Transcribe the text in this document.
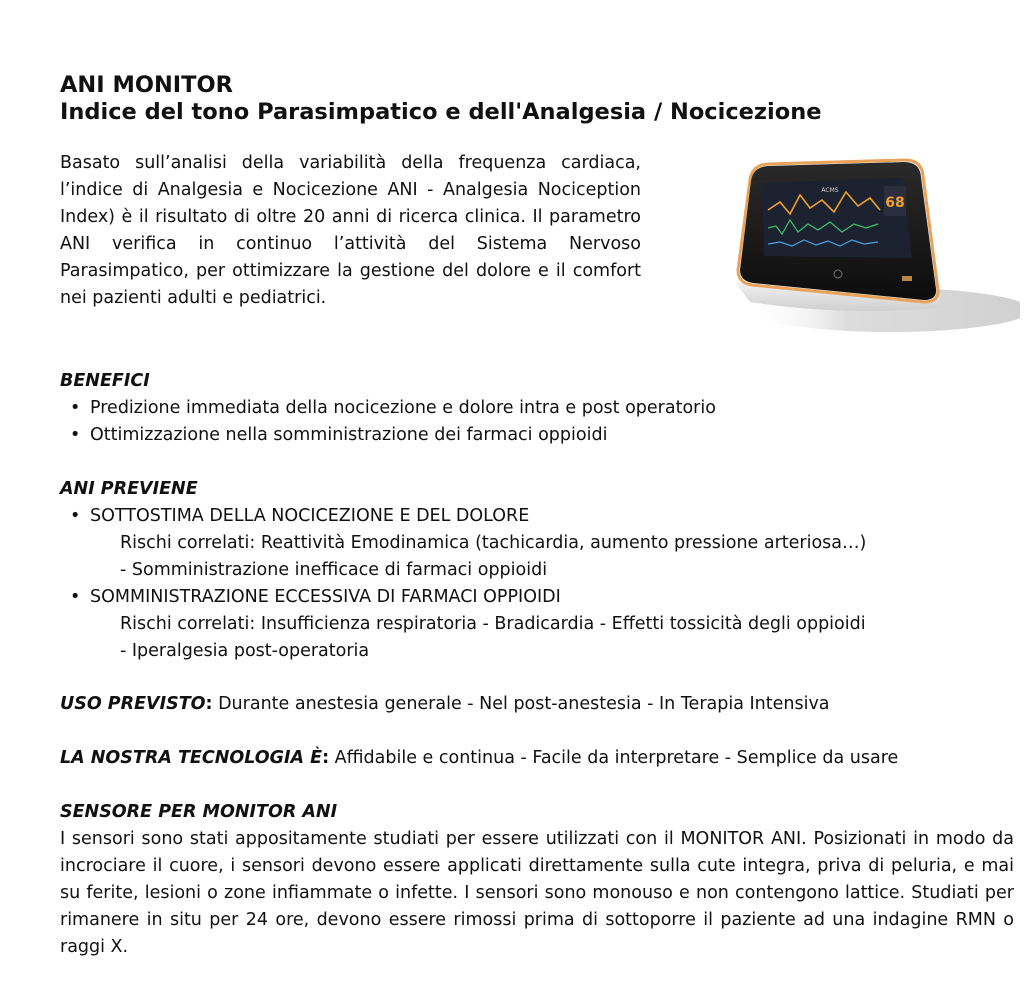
ANI MONITOR
Indice del tono Parasimpatico e dell'Analgesia / Nocicezione

Basato sull’analisi della variabilità della frequenza cardiaca, l’indice di Analgesia e Nocicezione ANI - Analgesia Nociception Index) è il risultato di oltre 20 anni di ricerca clinica. Il parametro ANI verifica in continuo l’attività del Sistema Nervoso Parasimpatico, per ottimizzare la gestione del dolore e il comfort nei pazienti adulti e pediatrici.

68
ACMS
BENEFICI
• Predizione immediata della nocicezione e dolore intra e post operatorio
• Ottimizzazione nella somministrazione dei farmaci oppioidi
ANI PREVIENE
• SOTTOSTIMA DELLA NOCICEZIONE E DEL DOLORE
Rischi correlati: Reattività Emodinamica (tachicardia, aumento pressione arteriosa…)
- Somministrazione inefficace di farmaci oppioidi
• SOMMINISTRAZIONE ECCESSIVA DI FARMACI OPPIOIDI
Rischi correlati: Insufficienza respiratoria - Bradicardia - Effetti tossicità degli oppioidi
- Iperalgesia post-operatoria
USO PREVISTO: Durante anestesia generale - Nel post-anestesia - In Terapia Intensiva
LA NOSTRA TECNOLOGIA È: Affidabile e continua - Facile da interpretare - Semplice da usare
SENSORE PER MONITOR ANI
I sensori sono stati appositamente studiati per essere utilizzati con il MONITOR ANI. Posizionati in modo da incrociare il cuore, i sensori devono essere applicati direttamente sulla cute integra, priva di peluria, e mai su ferite, lesioni o zone infiammate o infette. I sensori sono monouso e non contengono lattice. Studiati per rimanere in situ per 24 ore, devono essere rimossi prima di sottoporre il paziente ad una indagine RMN o raggi X.
